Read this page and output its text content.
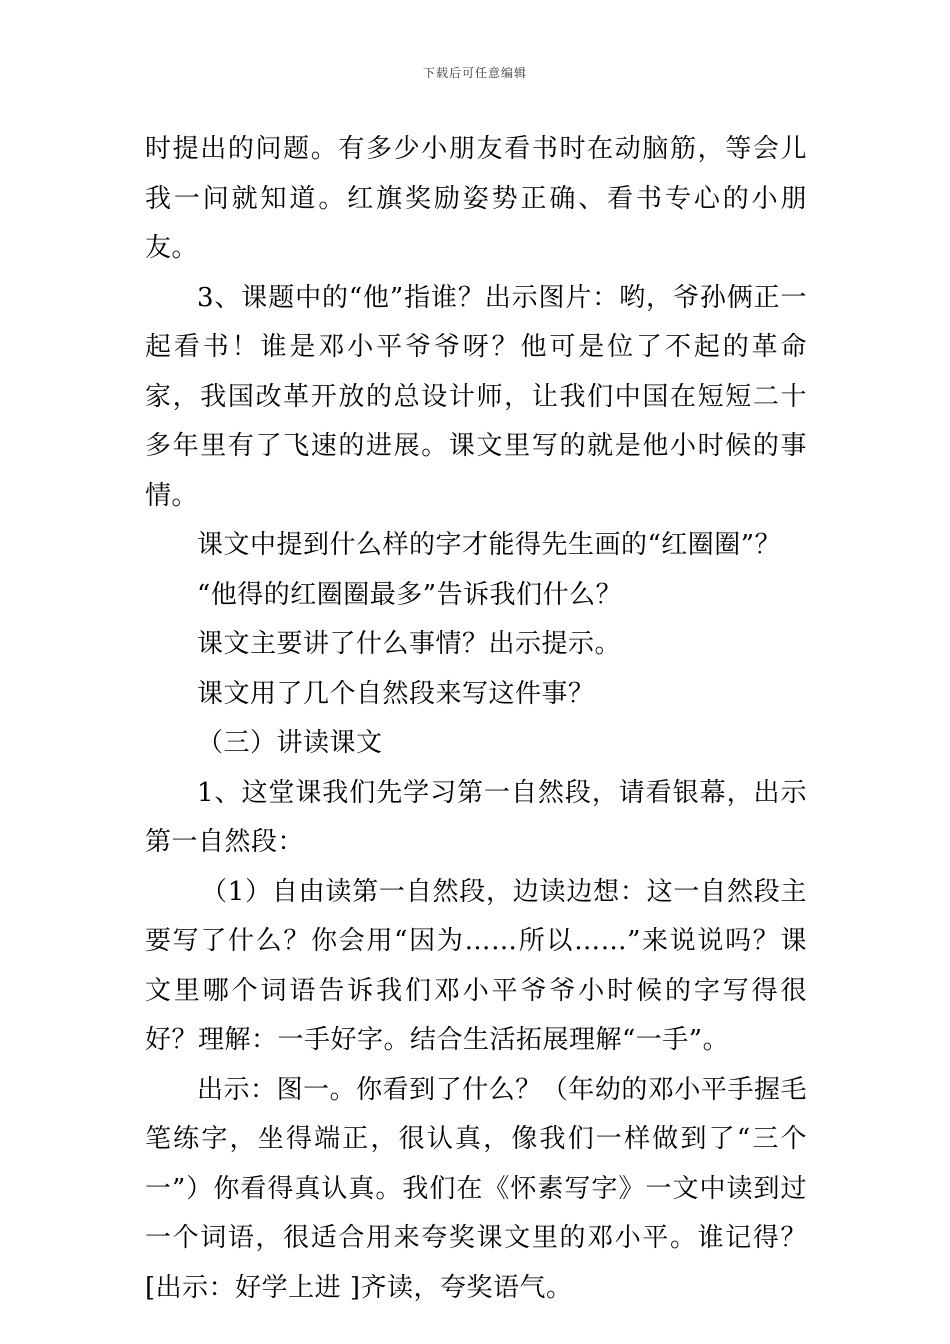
下载后可任意编辑

时提出的问题。有多少小朋友看书时在动脑筋，等会儿我一问就知道。红旗奖励姿势正确、看书专心的小朋友。

3、课题中的“他”指谁？出示图片：哟，爷孙俩正一起看书！谁是邓小平爷爷呀？他可是位了不起的革命家，我国改革开放的总设计师，让我们中国在短短二十多年里有了飞速的进展。课文里写的就是他小时候的事情。

课文中提到什么样的字才能得先生画的“红圈圈”？

“他得的红圈圈最多”告诉我们什么？

课文主要讲了什么事情？出示提示。

课文用了几个自然段来写这件事？

（三）讲读课文

1、这堂课我们先学习第一自然段，请看银幕，出示第一自然段：

（1）自由读第一自然段，边读边想：这一自然段主要写了什么？你会用“因为……所以……”来说说吗？课文里哪个词语告诉我们邓小平爷爷小时候的字写得很好？理解：一手好字。结合生活拓展理解“一手”。

出示：图一。你看到了什么？（年幼的邓小平手握毛笔练字，坐得端正，很认真，像我们一样做到了“三个一”）你看得真认真。我们在《怀素写字》一文中读到过一个词语，很适合用来夸奖课文里的邓小平。谁记得？[出示：好学上进 ]齐读，夸奖语气。
